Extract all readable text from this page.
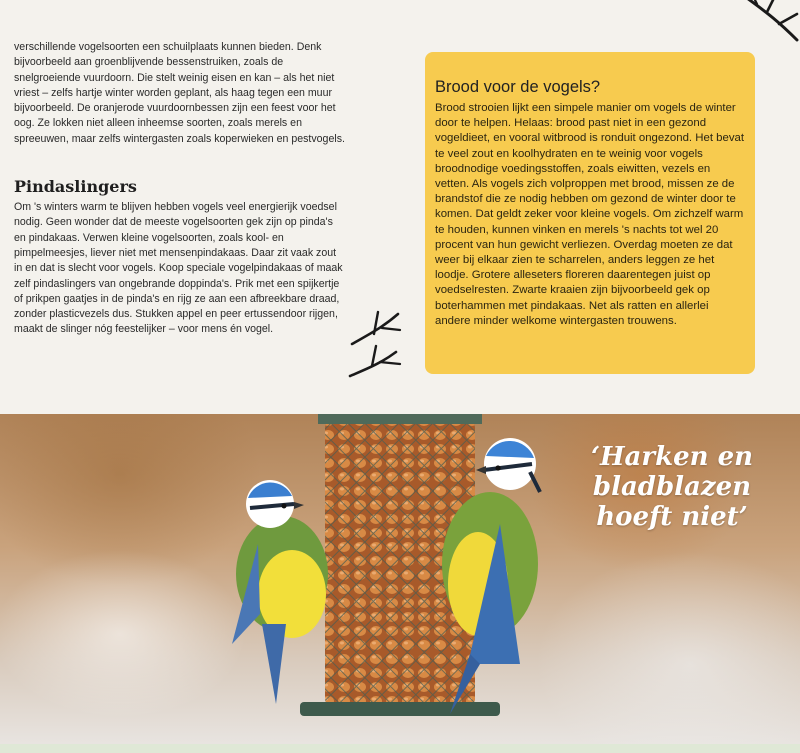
verschillende vogelsoorten een schuilplaats kunnen bieden. Denk bijvoorbeeld aan groenblijvende bessenstruiken, zoals de snelgroeiende vuurdoorn. Die stelt weinig eisen en kan – als het niet vriest – zelfs hartje winter worden geplant, als haag tegen een muur bijvoorbeeld. De oranjerode vuurdoornbessen zijn een feest voor het oog. Ze lokken niet alleen inheemse soorten, zoals merels en spreeuwen, maar zelfs wintergasten zoals koperwieken en pestvogels.

Pindaslingers

Om 's winters warm te blijven hebben vogels veel energierijk voedsel nodig. Geen wonder dat de meeste vogelsoorten gek zijn op pinda's en pindakaas. Verwen kleine vogelsoorten, zoals kool- en pimpelmeesjes, liever niet met mensenpindakaas. Daar zit vaak zout in en dat is slecht voor vogels. Koop speciale vogelpindakaas of maak zelf pindaslingers van ongebrande doppinda's. Prik met een spijkertje of prikpen gaatjes in de pinda's en rijg ze aan een afbreekbare draad, zonder plasticvezels dus. Stukken appel en peer ertussendoor rijgen, maakt de slinger nóg feestelijker – voor mens én vogel.

Brood voor de vogels?

Brood strooien lijkt een simpele manier om vogels de winter door te helpen. Helaas: brood past niet in een gezond vogeldieet, en vooral witbrood is ronduit ongezond. Het bevat te veel zout en koolhydraten en te weinig voor vogels broodnodige voedingsstoffen, zoals eiwitten, vezels en vetten. Als vogels zich volproppen met brood, missen ze de brandstof die ze nodig hebben om gezond de winter door te komen. Dat geldt zeker voor kleine vogels. Om zichzelf warm te houden, kunnen vinken en merels 's nachts tot wel 20 procent van hun gewicht verliezen. Overdag moeten ze dat weer bij elkaar zien te scharrelen, anders leggen ze het loodje. Grotere alleseters floreren daarentegen juist op voedselresten. Zwarte kraaien zijn bijvoorbeeld gek op boterhammen met pindakaas. Net als ratten en allerlei andere minder welkome wintergasten trouwens.

‘Harken en bladblazen hoeft niet’
